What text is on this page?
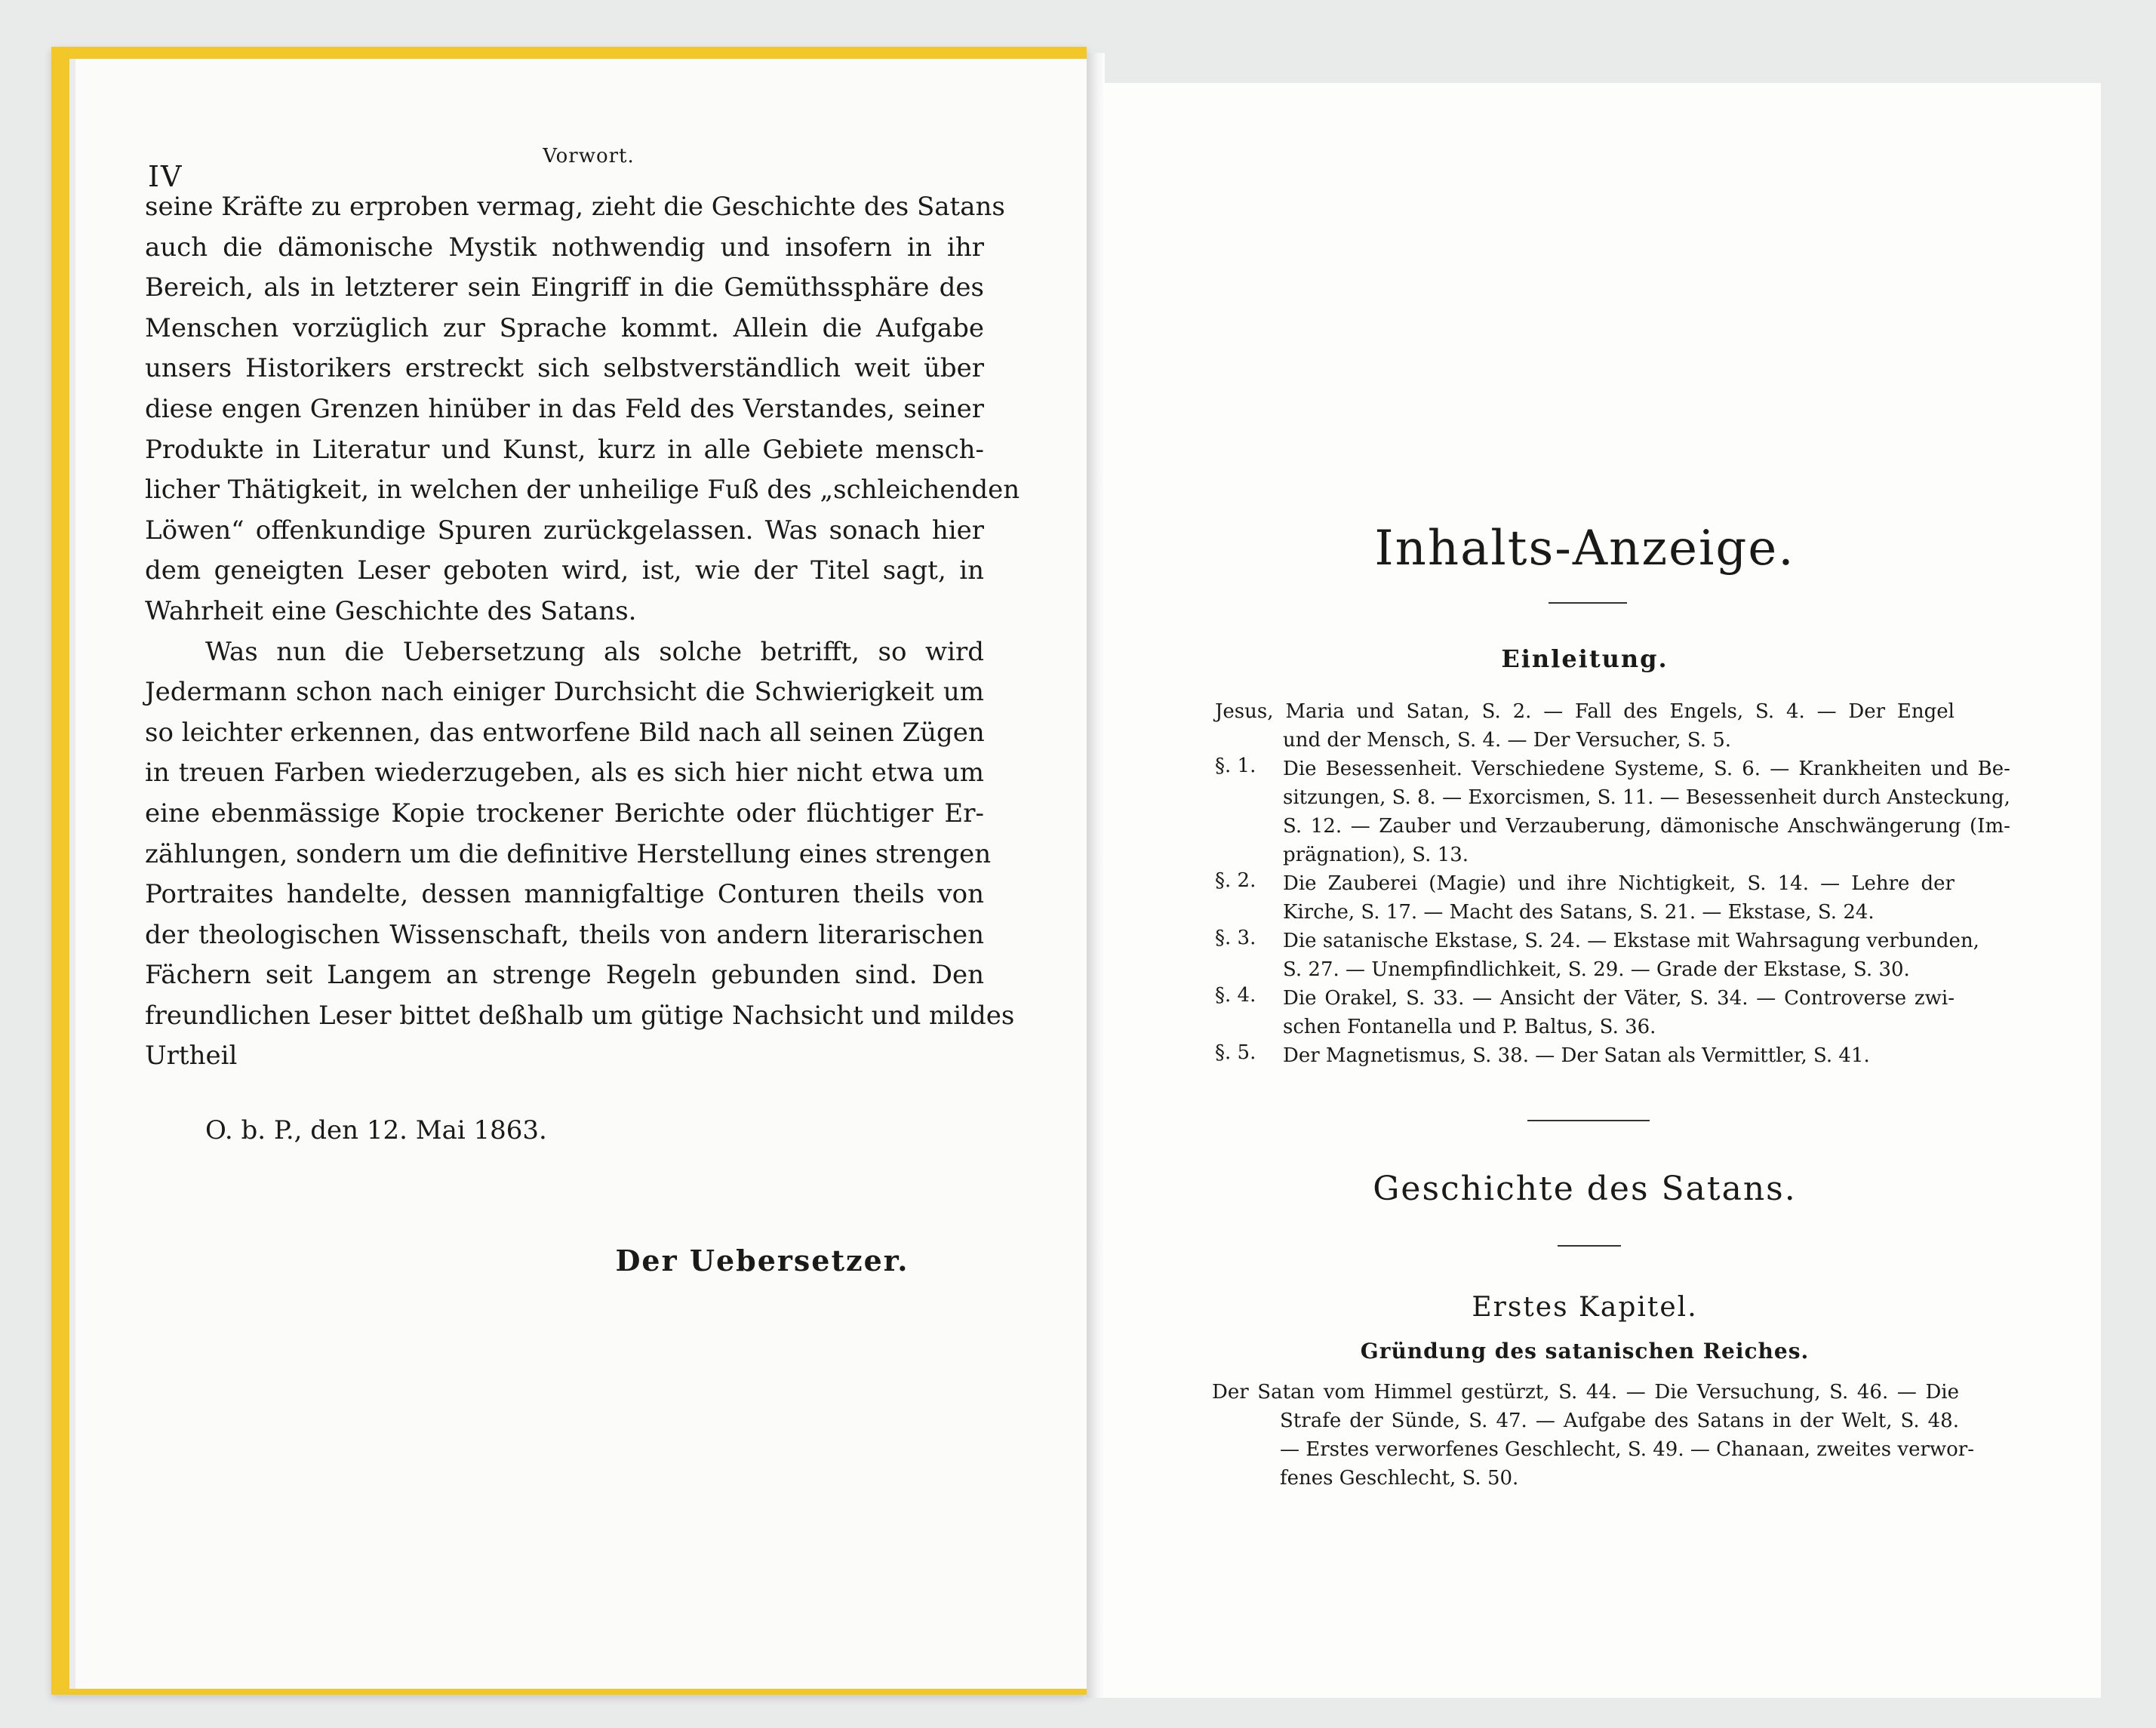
IV
Vorwort.
seine Kräfte zu erproben vermag, zieht die Geschichte des Satans
auch die dämonische Mystik nothwendig und insofern in ihr
Bereich, als in letzterer sein Eingriff in die Gemüthssphäre des
Menschen vorzüglich zur Sprache kommt. Allein die Aufgabe
unsers Historikers erstreckt sich selbstverständlich weit über
diese engen Grenzen hinüber in das Feld des Verstandes, seiner
Produkte in Literatur und Kunst, kurz in alle Gebiete mensch-
licher Thätigkeit, in welchen der unheilige Fuß des „schleichenden
Löwen“ offenkundige Spuren zurückgelassen. Was sonach hier
dem geneigten Leser geboten wird, ist, wie der Titel sagt, in
Wahrheit eine Geschichte des Satans.
Was nun die Uebersetzung als solche betrifft, so wird
Jedermann schon nach einiger Durchsicht die Schwierigkeit um
so leichter erkennen, das entworfene Bild nach all seinen Zügen
in treuen Farben wiederzugeben, als es sich hier nicht etwa um
eine ebenmässige Kopie trockener Berichte oder flüchtiger Er-
zählungen, sondern um die definitive Herstellung eines strengen
Portraites handelte, dessen mannigfaltige Conturen theils von
der theologischen Wissenschaft, theils von andern literarischen
Fächern seit Langem an strenge Regeln gebunden sind. Den
freundlichen Leser bittet deßhalb um gütige Nachsicht und mildes
Urtheil
O. b. P., den 12. Mai 1863.
Der Uebersetzer.
Inhalts-Anzeige.
Einleitung.
Jesus, Maria und Satan, S. 2. — Fall des Engels, S. 4. — Der Engel
und der Mensch, S. 4. — Der Versucher, S. 5.
§. 1.	Die Besessenheit. Verschiedene Systeme, S. 6. — Krankheiten und Be-
sitzungen, S. 8. — Exorcismen, S. 11. — Besessenheit durch Ansteckung,
S. 12. — Zauber und Verzauberung, dämonische Anschwängerung (Im-
prägnation), S. 13.
§. 2.	Die Zauberei (Magie) und ihre Nichtigkeit, S. 14. — Lehre der
Kirche, S. 17. — Macht des Satans, S. 21. — Ekstase, S. 24.
§. 3.	Die satanische Ekstase, S. 24. — Ekstase mit Wahrsagung verbunden,
S. 27. — Unempfindlichkeit, S. 29. — Grade der Ekstase, S. 30.
§. 4.	Die Orakel, S. 33. — Ansicht der Väter, S. 34. — Controverse zwi-
schen Fontanella und P. Baltus, S. 36.
§. 5.	Der Magnetismus, S. 38. — Der Satan als Vermittler, S. 41.
Geschichte des Satans.
Erstes Kapitel.
Gründung des satanischen Reiches.
Der Satan vom Himmel gestürzt, S. 44. — Die Versuchung, S. 46. — Die
Strafe der Sünde, S. 47. — Aufgabe des Satans in der Welt, S. 48.
— Erstes verworfenes Geschlecht, S. 49. — Chanaan, zweites verwor-
fenes Geschlecht, S. 50.
